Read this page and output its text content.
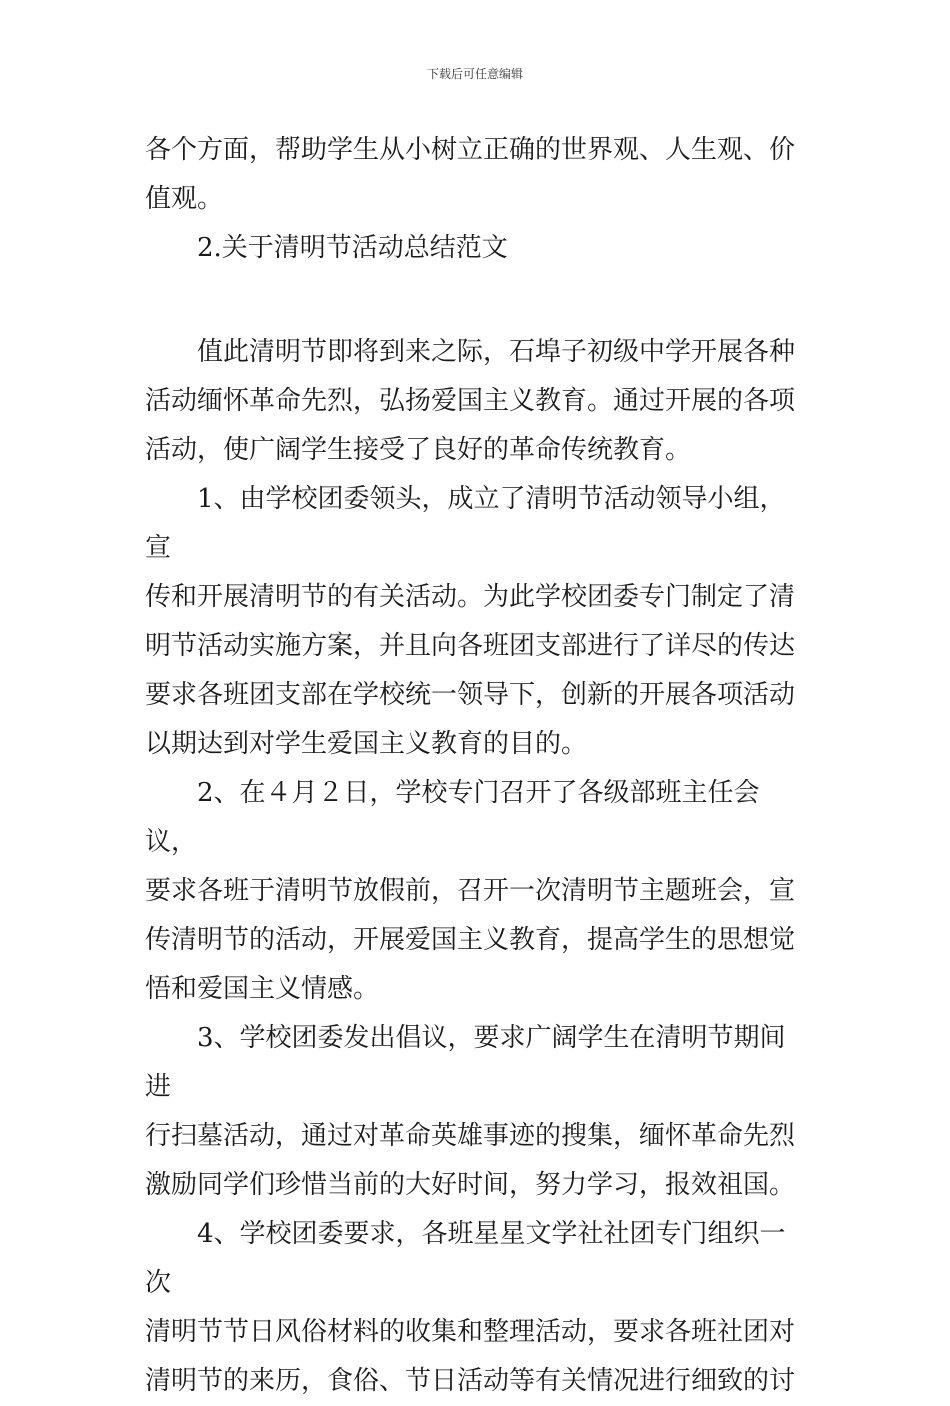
下载后可任意编辑

各个方面，帮助学生从小树立正确的世界观、人生观、价

值观。

2.关于清明节活动总结范文

值此清明节即将到来之际，石埠子初级中学开展各种

活动缅怀革命先烈，弘扬爱国主义教育。通过开展的各项

活动，使广阔学生接受了良好的革命传统教育。

1、由学校团委领头，成立了清明节活动领导小组，宣

传和开展清明节的有关活动。为此学校团委专门制定了清

明节活动实施方案，并且向各班团支部进行了详尽的传达

要求各班团支部在学校统一领导下，创新的开展各项活动

以期达到对学生爱国主义教育的目的。

2、在４月２日，学校专门召开了各级部班主任会议，

要求各班于清明节放假前，召开一次清明节主题班会，宣

传清明节的活动，开展爱国主义教育，提高学生的思想觉

悟和爱国主义情感。

3、学校团委发出倡议，要求广阔学生在清明节期间进

行扫墓活动，通过对革命英雄事迹的搜集，缅怀革命先烈

激励同学们珍惜当前的大好时间，努力学习，报效祖国。

4、学校团委要求，各班星星文学社社团专门组织一次

清明节节日风俗材料的收集和整理活动，要求各班社团对

清明节的来历，食俗、节日活动等有关情况进行细致的讨
